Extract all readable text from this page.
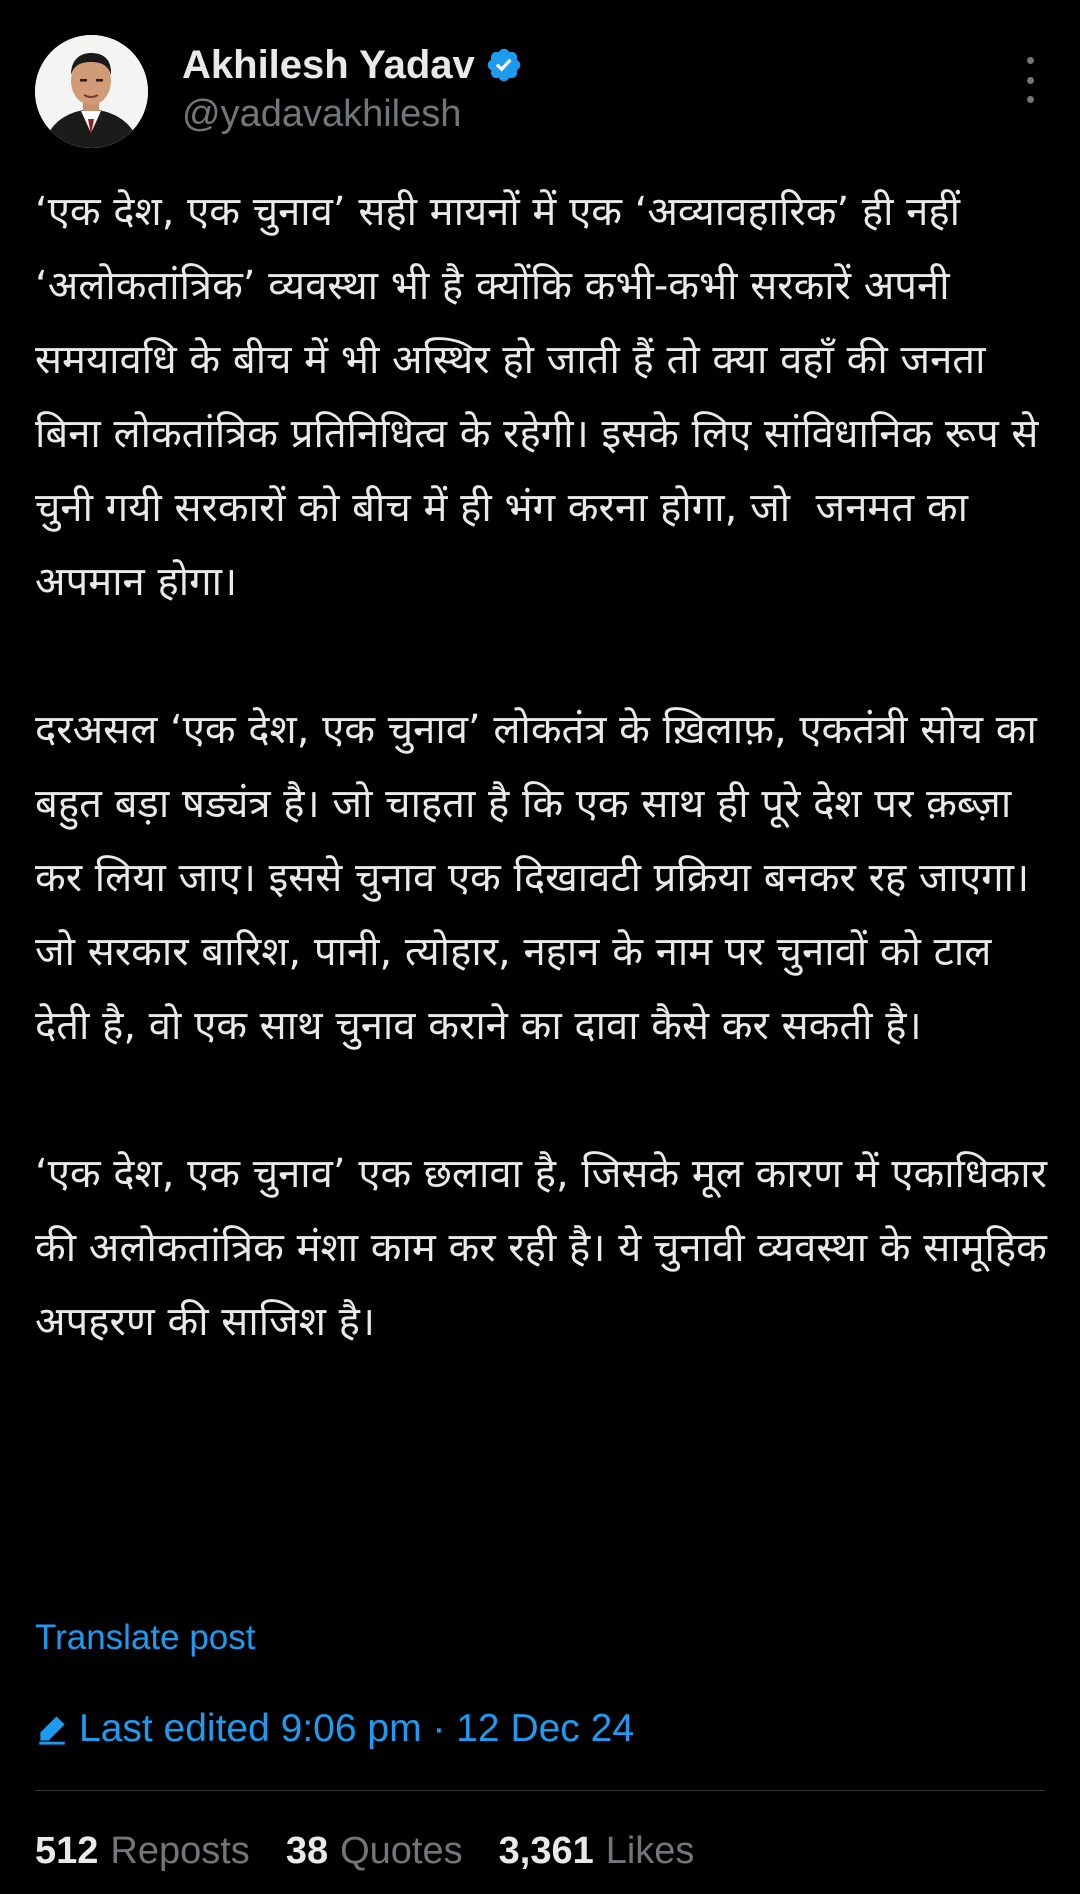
Akhilesh Yadav
@yadavakhilesh

‘एक देश, एक चुनाव’ सही मायनों में एक ‘अव्यावहारिक’ ही नहीं ‘अलोकतांत्रिक’ व्यवस्था भी है क्योंकि कभी-कभी सरकारें अपनी समयावधि के बीच में भी अस्थिर हो जाती हैं तो क्या वहाँ की जनता बिना लोकतांत्रिक प्रतिनिधित्व के रहेगी। इसके लिए सांविधानिक रूप से चुनी गयी सरकारों को बीच में ही भंग करना होगा, जो  जनमत का अपमान होगा।

दरअसल ‘एक देश, एक चुनाव’ लोकतंत्र के ख़िलाफ़, एकतंत्री सोच का बहुत बड़ा षड्यंत्र है। जो चाहता है कि एक साथ ही पूरे देश पर क़ब्ज़ा कर लिया जाए। इससे चुनाव एक दिखावटी प्रक्रिया बनकर रह जाएगा। जो सरकार बारिश, पानी, त्योहार, नहान के नाम पर चुनावों को टाल देती है, वो एक साथ चुनाव कराने का दावा कैसे कर सकती है।

‘एक देश, एक चुनाव’ एक छलावा है, जिसके मूल कारण में एकाधिकार की अलोकतांत्रिक मंशा काम कर रही है। ये चुनावी व्यवस्था के सामूहिक अपहरण की साजिश है।

Translate post
Last edited 9:06 pm · 12 Dec 24
512 Reposts 38 Quotes 3,361 Likes
